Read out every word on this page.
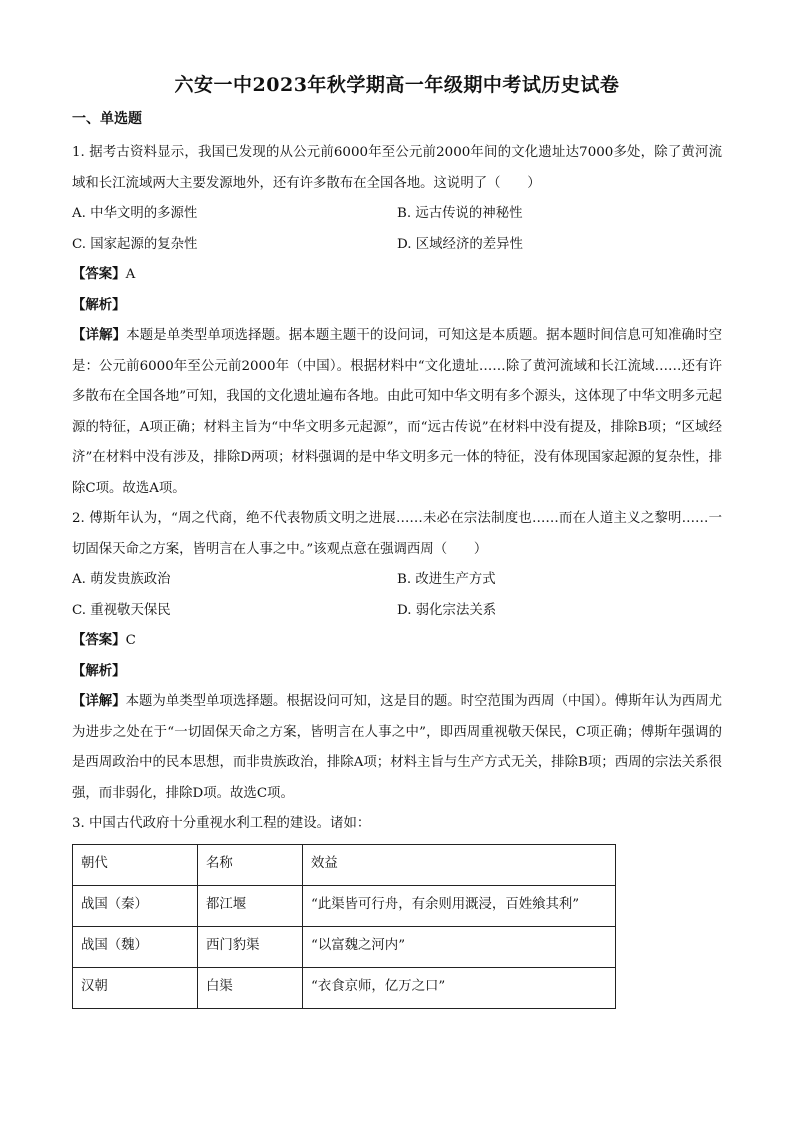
六安一中2023年秋学期高一年级期中考试历史试卷
一、单选题

1. 据考古资料显示，我国已发现的从公元前6000年至公元前2000年间的文化遗址达7000多处，除了黄河流域和长江流域两大主要发源地外，还有许多散布在全国各地。这说明了（　　）

A. 中华文明的多源性	B. 远古传说的神秘性
C. 国家起源的复杂性	D. 区域经济的差异性

【答案】A

【解析】

【详解】本题是单类型单项选择题。据本题主题干的设问词，可知这是本质题。据本题时间信息可知准确时空是：公元前6000年至公元前2000年（中国）。根据材料中“文化遗址……除了黄河流域和长江流域……还有许多散布在全国各地”可知，我国的文化遗址遍布各地。由此可知中华文明有多个源头，这体现了中华文明多元起源的特征，A项正确；材料主旨为“中华文明多元起源”，而“远古传说”在材料中没有提及，排除B项；“区域经济”在材料中没有涉及，排除D两项；材料强调的是中华文明多元一体的特征，没有体现国家起源的复杂性，排除C项。故选A项。

2. 傅斯年认为，“周之代商，绝不代表物质文明之进展……未必在宗法制度也……而在人道主义之黎明……一切固保天命之方案，皆明言在人事之中。”该观点意在强调西周（　　）

A. 萌发贵族政治	B. 改进生产方式
C. 重视敬天保民	D. 弱化宗法关系

【答案】C

【解析】

【详解】本题为单类型单项选择题。根据设问可知，这是目的题。时空范围为西周（中国）。傅斯年认为西周尤为进步之处在于“一切固保天命之方案，皆明言在人事之中”，即西周重视敬天保民，C项正确；傅斯年强调的是西周政治中的民本思想，而非贵族政治，排除A项；材料主旨与生产方式无关，排除B项；西周的宗法关系很强，而非弱化，排除D项。故选C项。

3. 中国古代政府十分重视水利工程的建设。诸如：

朝代	名称	效益
战国（秦）	都江堰	“此渠皆可行舟，有余则用溉浸，百姓飨其利”
战国（魏）	西门豹渠	“以富魏之河内”
汉朝	白渠	“衣食京师，亿万之口”
